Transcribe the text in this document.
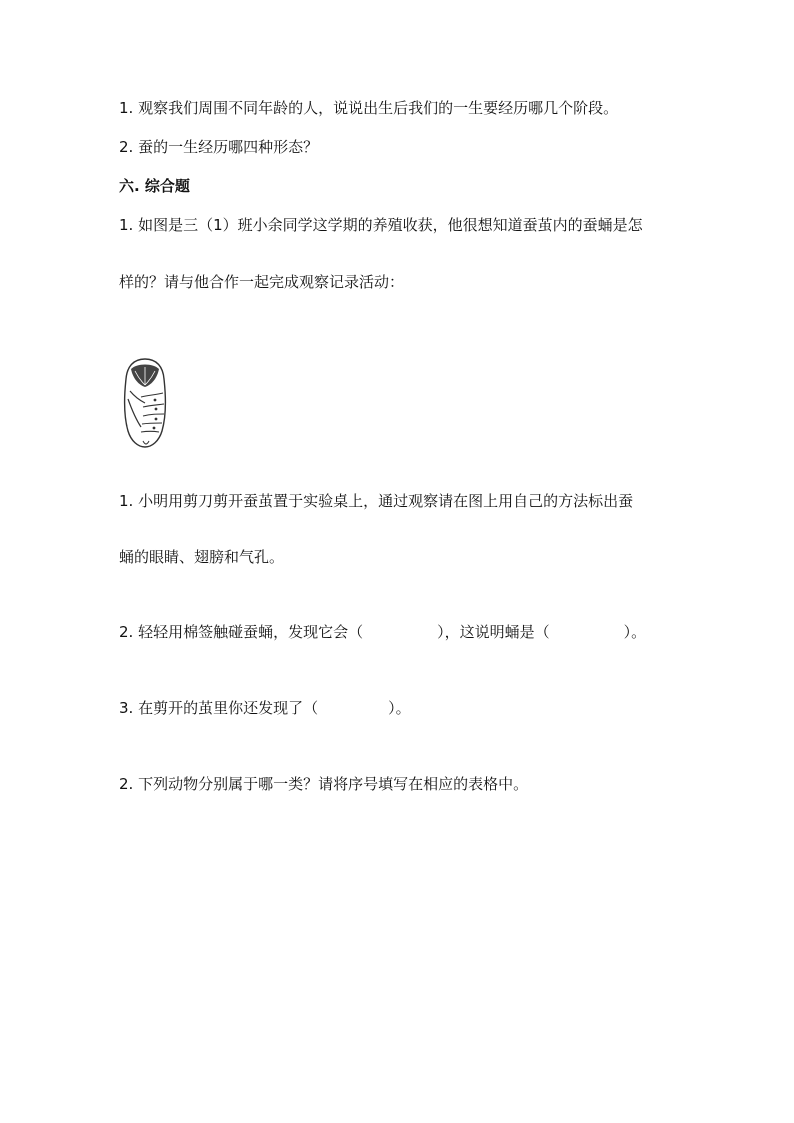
1. 观察我们周围不同年龄的人，说说出生后我们的一生要经历哪几个阶段。
2. 蚕的一生经历哪四种形态？
六. 综合题
1. 如图是三（1）班小余同学这学期的养殖收获，他很想知道蚕茧内的蚕蛹是怎
样的？请与他合作一起完成观察记录活动：
1. 小明用剪刀剪开蚕茧置于实验桌上，通过观察请在图上用自己的方法标出蚕
蛹的眼睛、翅膀和气孔。
2. 轻轻用棉签触碰蚕蛹，发现它会（	），这说明蛹是（	）。
3. 在剪开的茧里你还发现了（	）。
2. 下列动物分别属于哪一类？请将序号填写在相应的表格中。
